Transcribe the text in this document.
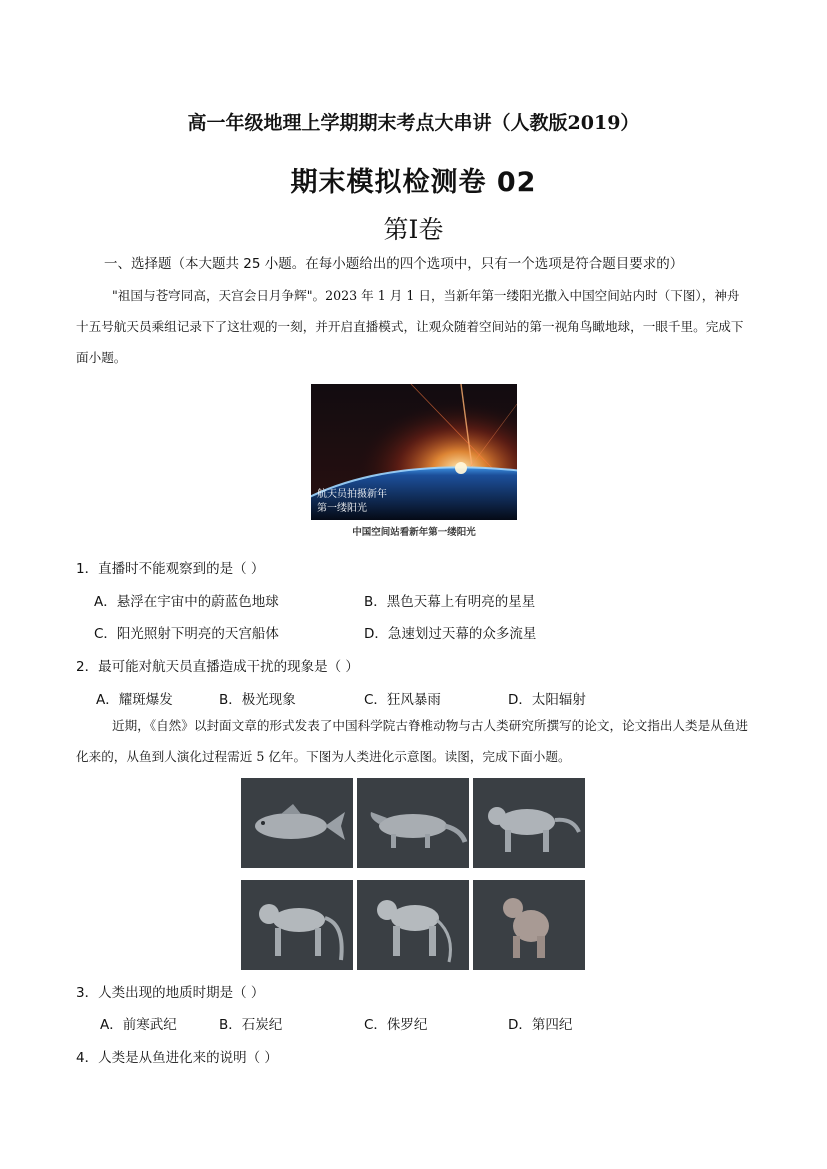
高一年级地理上学期期末考点大串讲（人教版2019）
期末模拟检测卷 02
第Ⅰ卷
一、选择题（本大题共 25 小题。在每小题给出的四个选项中，只有一个选项是符合题目要求的）
"祖国与苍穹同高，天宫会日月争辉"。2023 年 1 月 1 日，当新年第一缕阳光撒入中国空间站内时（下图），神舟十五号航天员乘组记录下了这壮观的一刻，并开启直播模式，让观众随着空间站的第一视角鸟瞰地球，一眼千里。完成下面小题。
航天员拍摄新年
第一缕阳光
中国空间站看新年第一缕阳光
1．直播时不能观察到的是（ ）
A．悬浮在宇宙中的蔚蓝色地球	B．黑色天幕上有明亮的星星
C．阳光照射下明亮的天宫船体	D．急速划过天幕的众多流星
2．最可能对航天员直播造成干扰的现象是（ ）
A．耀斑爆发	B．极光现象	C．狂风暴雨	D．太阳辐射
近期，《自然》以封面文章的形式发表了中国科学院古脊椎动物与古人类研究所撰写的论文，论文指出人类是从鱼进化来的，从鱼到人演化过程需近 5 亿年。下图为人类进化示意图。读图，完成下面小题。
3．人类出现的地质时期是（ ）
A．前寒武纪	B．石炭纪	C．侏罗纪	D．第四纪
4．人类是从鱼进化来的说明（ ）
